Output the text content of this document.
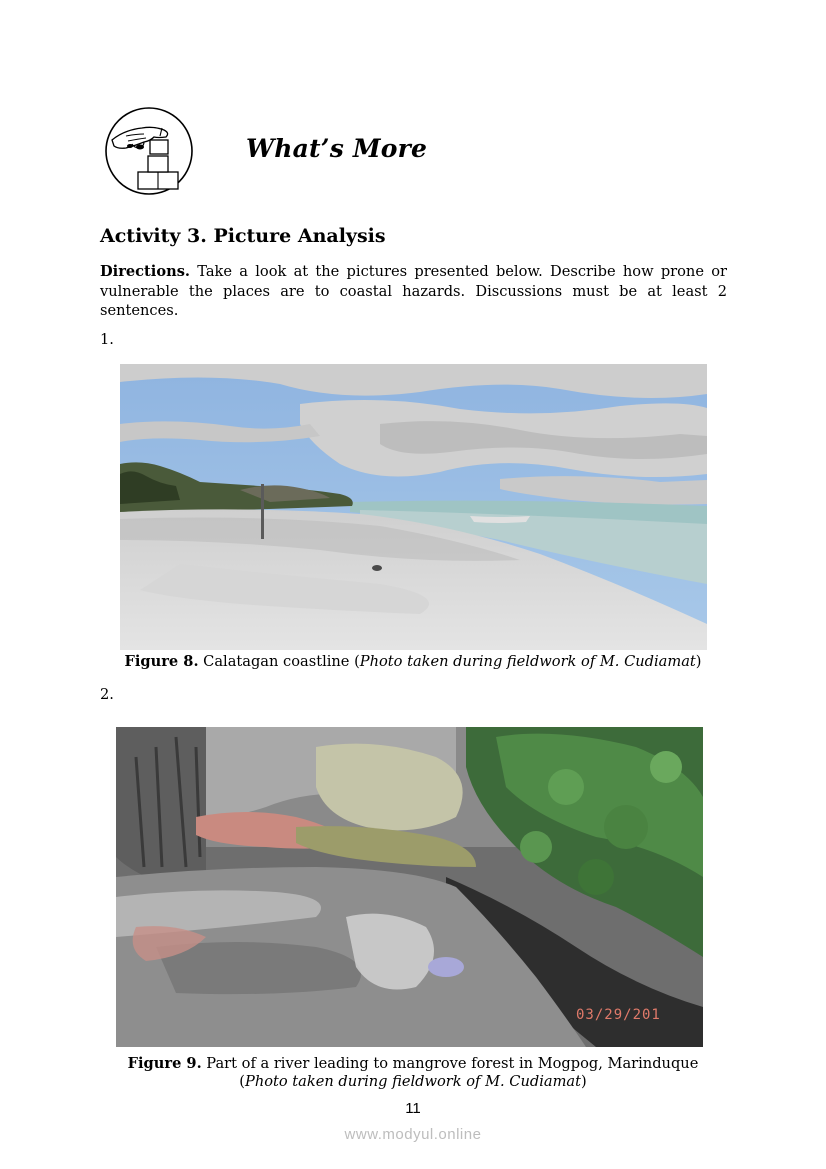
What’s More
Activity 3. Picture Analysis
Directions. Take a look at the pictures presented below. Describe how prone or vulnerable the places are to coastal hazards. Discussions must be at least 2 sentences.
1.
Figure 8. Calatagan coastline (Photo taken during fieldwork of M. Cudiamat)
2.
03/29/201
Figure 9. Part of a river leading to mangrove forest in Mogpog, Marinduque
(Photo taken during fieldwork of M. Cudiamat)
11
www.modyul.online
